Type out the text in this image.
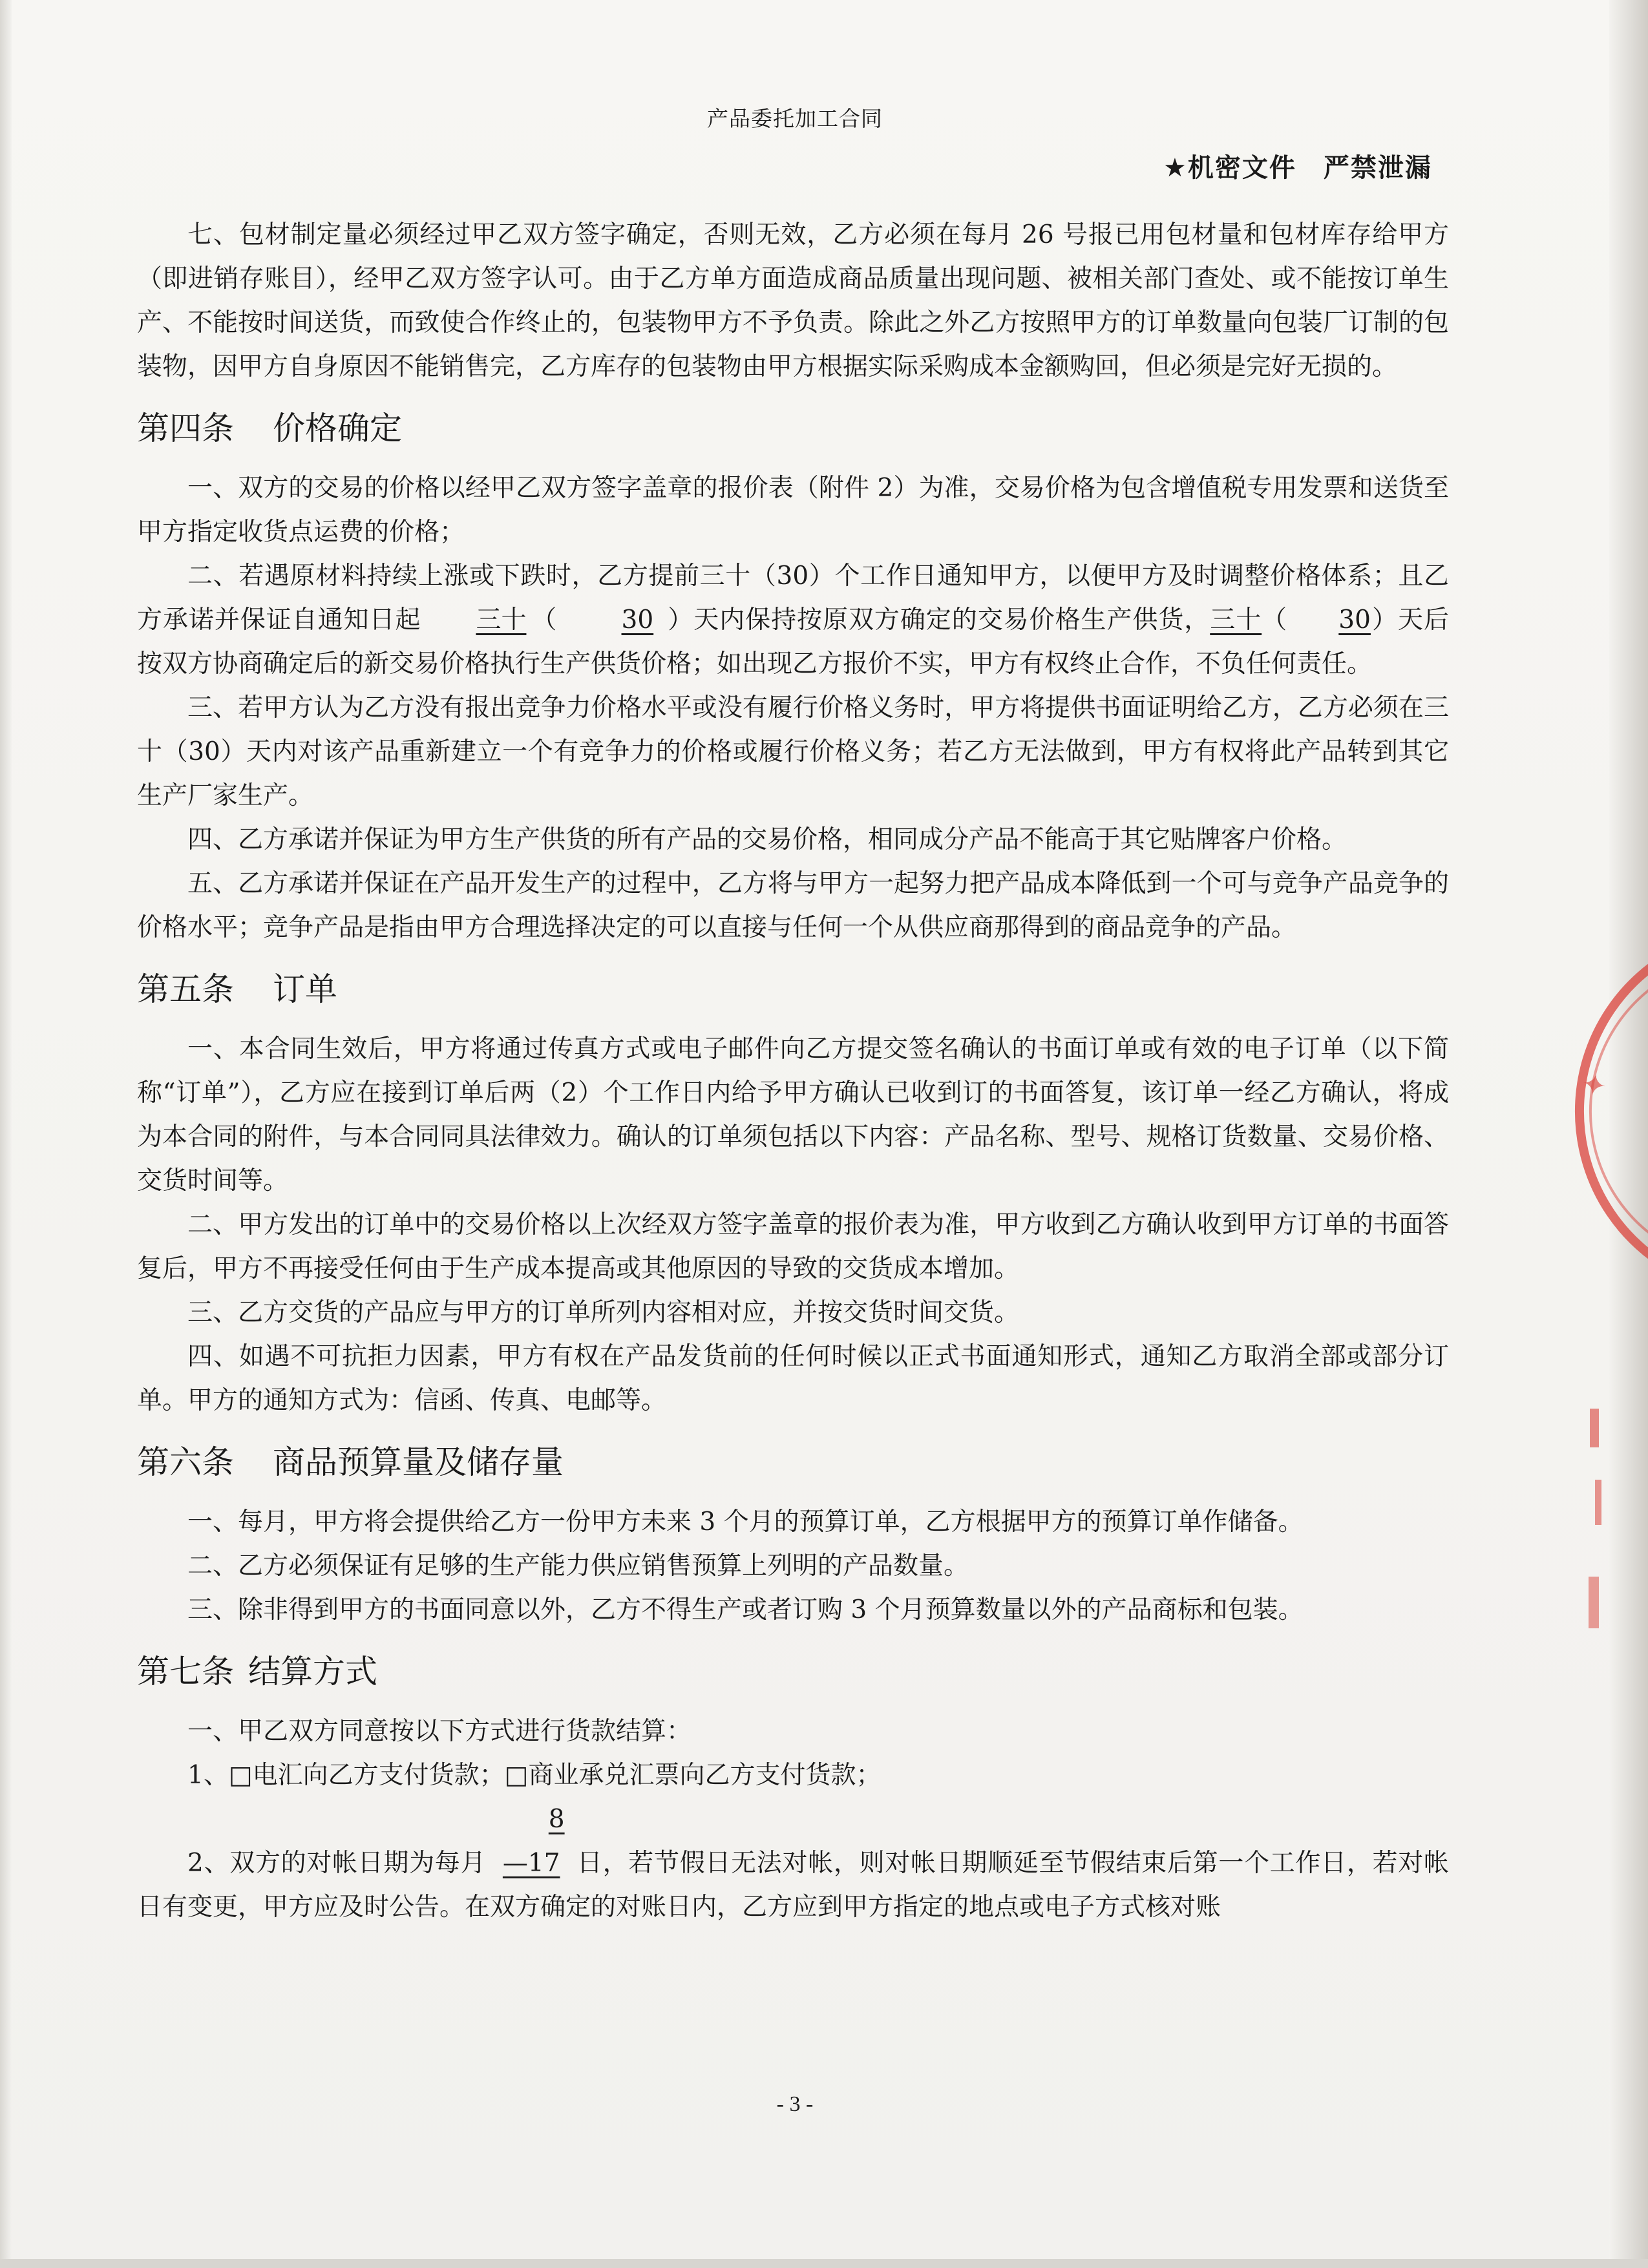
产品委托加工合同
★机密文件　严禁泄漏

七、包材制定量必须经过甲乙双方签字确定，否则无效，乙方必须在每月 26 号报已用包材量和包材库存给甲方（即进销存账目），经甲乙双方签字认可。由于乙方单方面造成商品质量出现问题、被相关部门查处、或不能按订单生产、不能按时间送货，而致使合作终止的，包装物甲方不予负责。除此之外乙方按照甲方的订单数量向包装厂订制的包装物，因甲方自身原因不能销售完，乙方库存的包装物由甲方根据实际采购成本金额购回，但必须是完好无损的。

第四条 价格确定

一、双方的交易的价格以经甲乙双方签字盖章的报价表（附件 2）为准，交易价格为包含增值税专用发票和送货至甲方指定收货点运费的价格；

二、若遇原材料持续上涨或下跌时，乙方提前三十（30）个工作日通知甲方，以便甲方及时调整价格体系；且乙方承诺并保证自通知日起 三十 （	30 ）天内保持按原双方确定的交易价格生产供货，三十（ 30）天后按双方协商确定后的新交易价格执行生产供货价格；如出现乙方报价不实，甲方有权终止合作，不负任何责任。

三、若甲方认为乙方没有报出竞争力价格水平或没有履行价格义务时，甲方将提供书面证明给乙方，乙方必须在三十（30）天内对该产品重新建立一个有竞争力的价格或履行价格义务；若乙方无法做到，甲方有权将此产品转到其它生产厂家生产。

四、乙方承诺并保证为甲方生产供货的所有产品的交易价格，相同成分产品不能高于其它贴牌客户价格。

五、乙方承诺并保证在产品开发生产的过程中，乙方将与甲方一起努力把产品成本降低到一个可与竞争产品竞争的价格水平；竞争产品是指由甲方合理选择决定的可以直接与任何一个从供应商那得到的商品竞争的产品。

第五条 订单

一、本合同生效后，甲方将通过传真方式或电子邮件向乙方提交签名确认的书面订单或有效的电子订单（以下简称“订单”），乙方应在接到订单后两（2）个工作日内给予甲方确认已收到订的书面答复，该订单一经乙方确认，将成为本合同的附件，与本合同同具法律效力。确认的订单须包括以下内容：产品名称、型号、规格订货数量、交易价格、交货时间等。

二、甲方发出的订单中的交易价格以上次经双方签字盖章的报价表为准，甲方收到乙方确认收到甲方订单的书面答复后，甲方不再接受任何由于生产成本提高或其他原因的导致的交货成本增加。

三、乙方交货的产品应与甲方的订单所列内容相对应，并按交货时间交货。

四、如遇不可抗拒力因素，甲方有权在产品发货前的任何时候以正式书面通知形式，通知乙方取消全部或部分订单。甲方的通知方式为：信函、传真、电邮等。

第六条 商品预算量及储存量

一、每月，甲方将会提供给乙方一份甲方未来 3 个月的预算订单，乙方根据甲方的预算订单作储备。

二、乙方必须保证有足够的生产能力供应销售预算上列明的产品数量。

三、除非得到甲方的书面同意以外，乙方不得生产或者订购 3 个月预算数量以外的产品商标和包装。

第七条 结算方式

一、甲乙双方同意按以下方式进行货款结算：

1、□电汇向乙方支付货款；□商业承兑汇票向乙方支付货款；

2、双方的对帐日期为每月8—17 日，若节假日无法对帐，则对帐日期顺延至节假结束后第一个工作日，若对帐日有变更，甲方应及时公告。在双方确定的对账日内，乙方应到甲方指定的地点或电子方式核对账

- 3 -
✦
